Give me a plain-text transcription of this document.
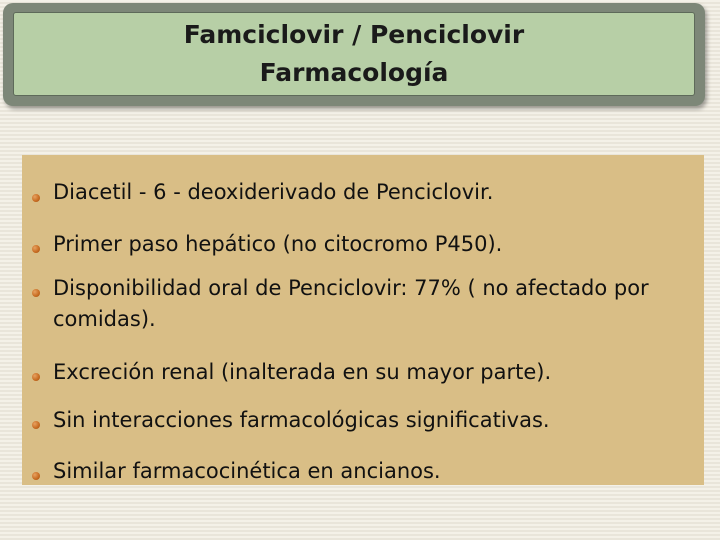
Famciclovir / Penciclovir
Farmacología
Diacetil - 6 - deoxiderivado de Penciclovir.
Primer paso hepático (no citocromo P450).
Disponibilidad oral de Penciclovir: 77% ( no afectado por comidas).
Excreción renal (inalterada en su mayor parte).
Sin interacciones farmacológicas significativas.
Similar farmacocinética en ancianos.
